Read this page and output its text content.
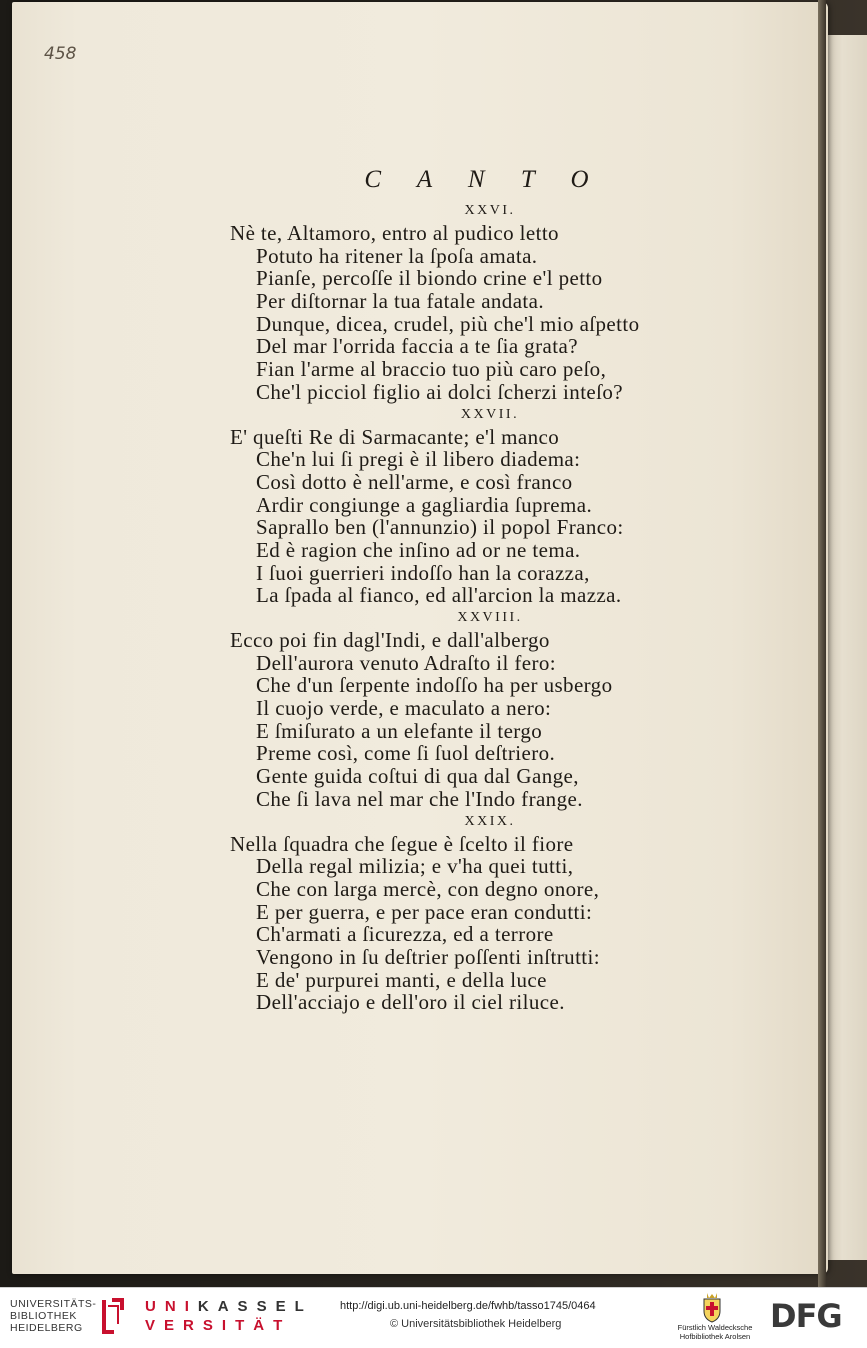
458
C A N T O
XXVI.
Nè te, Altamoro, entro al pudico letto
Potuto ha ritener la ſpoſa amata.
Pianſe, percoſſe il biondo crine e'l petto
Per diſtornar la tua fatale andata.
Dunque, dicea, crudel, più che'l mio aſpetto
Del mar l'orrida faccia a te ſia grata?
Fian l'arme al braccio tuo più caro peſo,
Che'l picciol figlio ai dolci ſcherzi inteſo?
XXVII.
E' queſti Re di Sarmacante; e'l manco
Che'n lui ſi pregi è il libero diadema:
Così dotto è nell'arme, e così franco
Ardir congiunge a gagliardia ſuprema.
Saprallo ben (l'annunzio) il popol Franco:
Ed è ragion che inſino ad or ne tema.
I ſuoi guerrieri indoſſo han la corazza,
La ſpada al fianco, ed all'arcion la mazza.
XXVIII.
Ecco poi fin dagl'Indi, e dall'albergo
Dell'aurora venuto Adraſto il fero:
Che d'un ſerpente indoſſo ha per usbergo
Il cuojo verde, e maculato a nero:
E ſmiſurato a un elefante il tergo
Preme così, come ſi ſuol deſtriero.
Gente guida coſtui di qua dal Gange,
Che ſi lava nel mar che l'Indo frange.
XXIX.
Nella ſquadra che ſegue è ſcelto il fiore
Della regal milizia; e v'ha quei tutti,
Che con larga mercè, con degno onore,
E per guerra, e per pace eran condutti:
Ch'armati a ſicurezza, ed a terrore
Vengono in ſu deſtrier poſſenti inſtrutti:
E de' purpurei manti, e della luce
Dell'acciajo e dell'oro il ciel riluce.
UNIVERSITÄTS-
BIBLIOTHEK
HEIDELBERG
UNIKASSEL
VERSITÄT
http://digi.ub.uni-heidelberg.de/fwhb/tasso1745/0464
© Universitätsbibliothek Heidelberg	Fürstlich Waldecksche
Hofbibliothek Arolsen
DFG
